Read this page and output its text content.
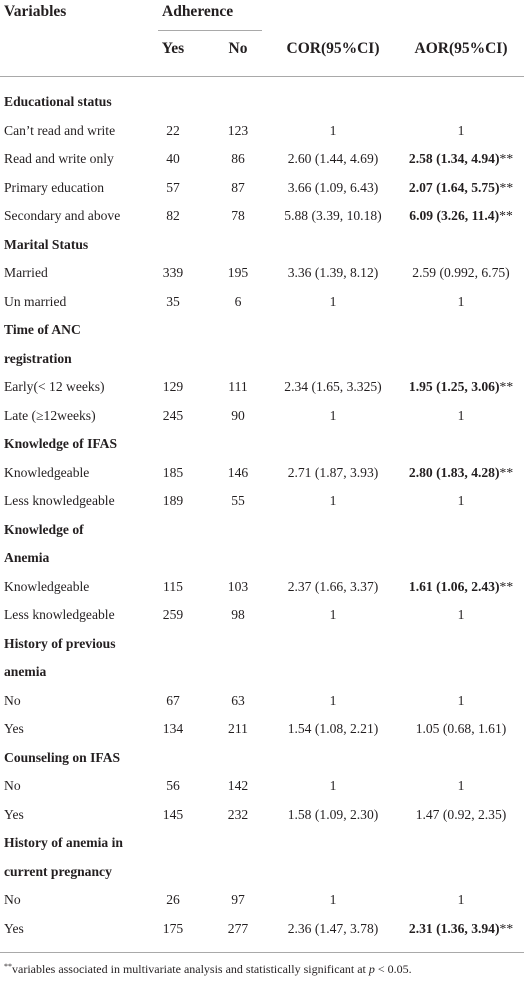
Variables	Adherence
Yes	No	COR(95%CI)	AOR(95%CI)
Educational status
Can’t read and write	22	123	1	1
Read and write only	40	86	2.60 (1.44, 4.69)	2.58 (1.34, 4.94)**
Primary education	57	87	3.66 (1.09, 6.43)	2.07 (1.64, 5.75)**
Secondary and above	82	78	5.88 (3.39, 10.18)	6.09 (3.26, 11.4)**
Marital Status
Married	339	195	3.36 (1.39, 8.12)	2.59 (0.992, 6.75)
Un married	35	6	1	1
Time of ANC
registration
Early(< 12 weeks)	129	111	2.34 (1.65, 3.325)	1.95 (1.25, 3.06)**
Late (≥12weeks)	245	90	1	1
Knowledge of IFAS
Knowledgeable	185	146	2.71 (1.87, 3.93)	2.80 (1.83, 4.28)**
Less knowledgeable	189	55	1	1
Knowledge of
Anemia
Knowledgeable	115	103	2.37 (1.66, 3.37)	1.61 (1.06, 2.43)**
Less knowledgeable	259	98	1	1
History of previous
anemia
No	67	63	1	1
Yes	134	211	1.54 (1.08, 2.21)	1.05 (0.68, 1.61)
Counseling on IFAS
No	56	142	1	1
Yes	145	232	1.58 (1.09, 2.30)	1.47 (0.92, 2.35)
History of anemia in
current pregnancy
No	26	97	1	1
Yes	175	277	2.36 (1.47, 3.78)	2.31 (1.36, 3.94)**
**variables associated in multivariate analysis and statistically significant at p < 0.05.
